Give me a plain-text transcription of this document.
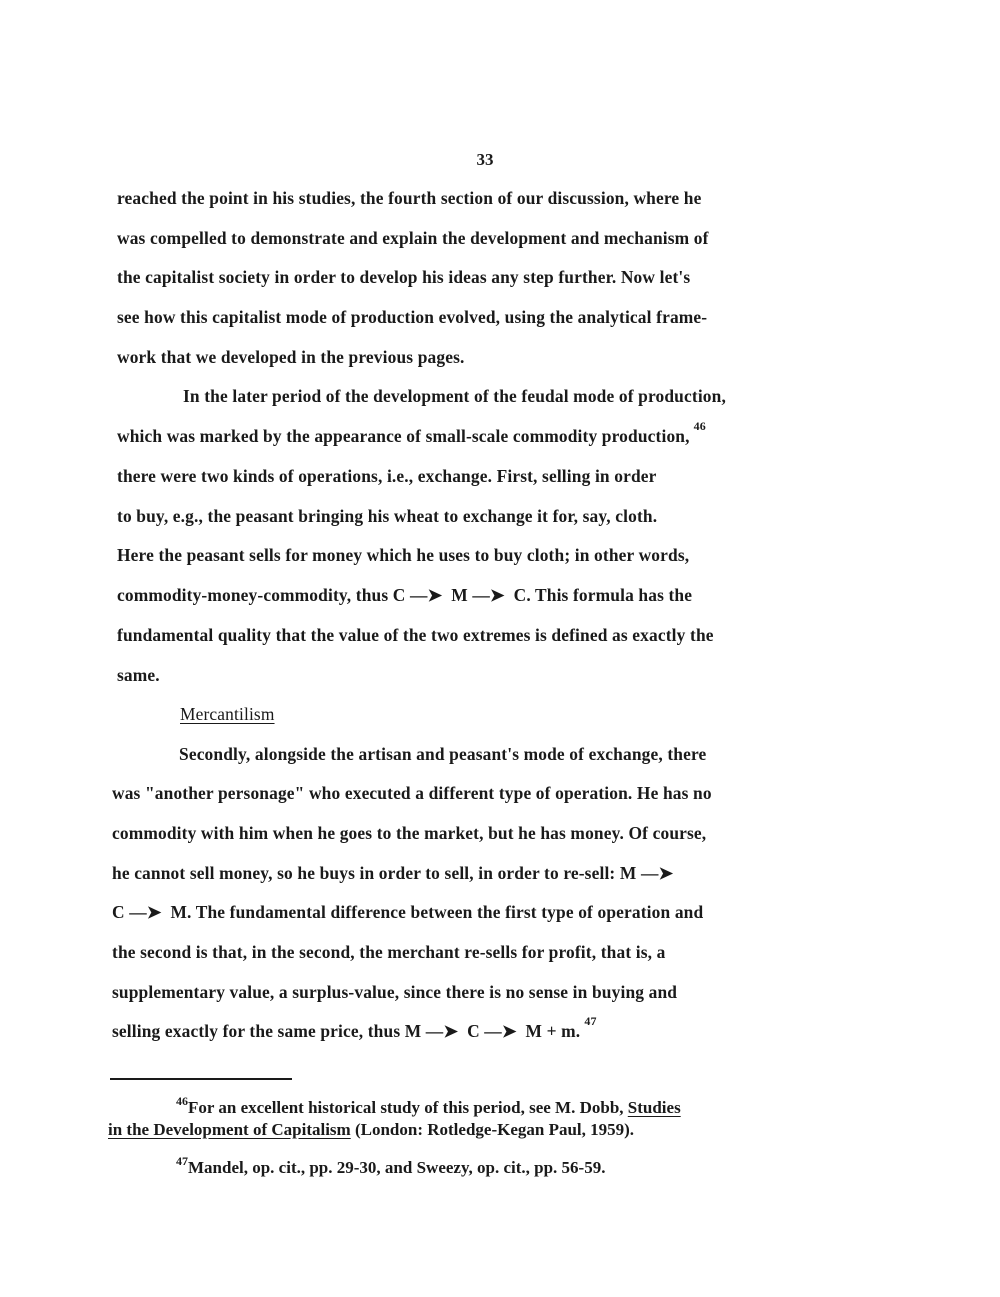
33
reached the point in his studies, the fourth section of our discussion, where he
was compelled to demonstrate and explain the development and mechanism of
the capitalist society in order to develop his ideas any step further. Now let's
see how this capitalist mode of production evolved, using the analytical frame-
work that we developed in the previous pages.
In the later period of the development of the feudal mode of production,
which was marked by the appearance of small-scale commodity production, $^{46}$
there were two kinds of operations, i.e., exchange. First, selling in order
to buy, e.g., the peasant bringing his wheat to exchange it for, say, cloth.
Here the peasant sells for money which he uses to buy cloth; in other words,
commodity-money-commodity, thus C —➤ M —➤ C. This formula has the
fundamental quality that the value of the two extremes is defined as exactly the
same.
Mercantilism
Secondly, alongside the artisan and peasant's mode of exchange, there
was "another personage" who executed a different type of operation. He has no
commodity with him when he goes to the market, but he has money. Of course,
he cannot sell money, so he buys in order to sell, in order to re-sell: M —➤
C —➤ M. The fundamental difference between the first type of operation and
the second is that, in the second, the merchant re-sells for profit, that is, a
supplementary value, a surplus-value, since there is no sense in buying and
selling exactly for the same price, thus M —➤ C —➤ M + m. $^{47}$
$^{46}$For an excellent historical study of this period, see M. Dobb, Studies
in the Development of Capitalism (London: Rotledge-Kegan Paul, 1959).
$^{47}$Mandel, op. cit., pp. 29-30, and Sweezy, op. cit., pp. 56-59.
